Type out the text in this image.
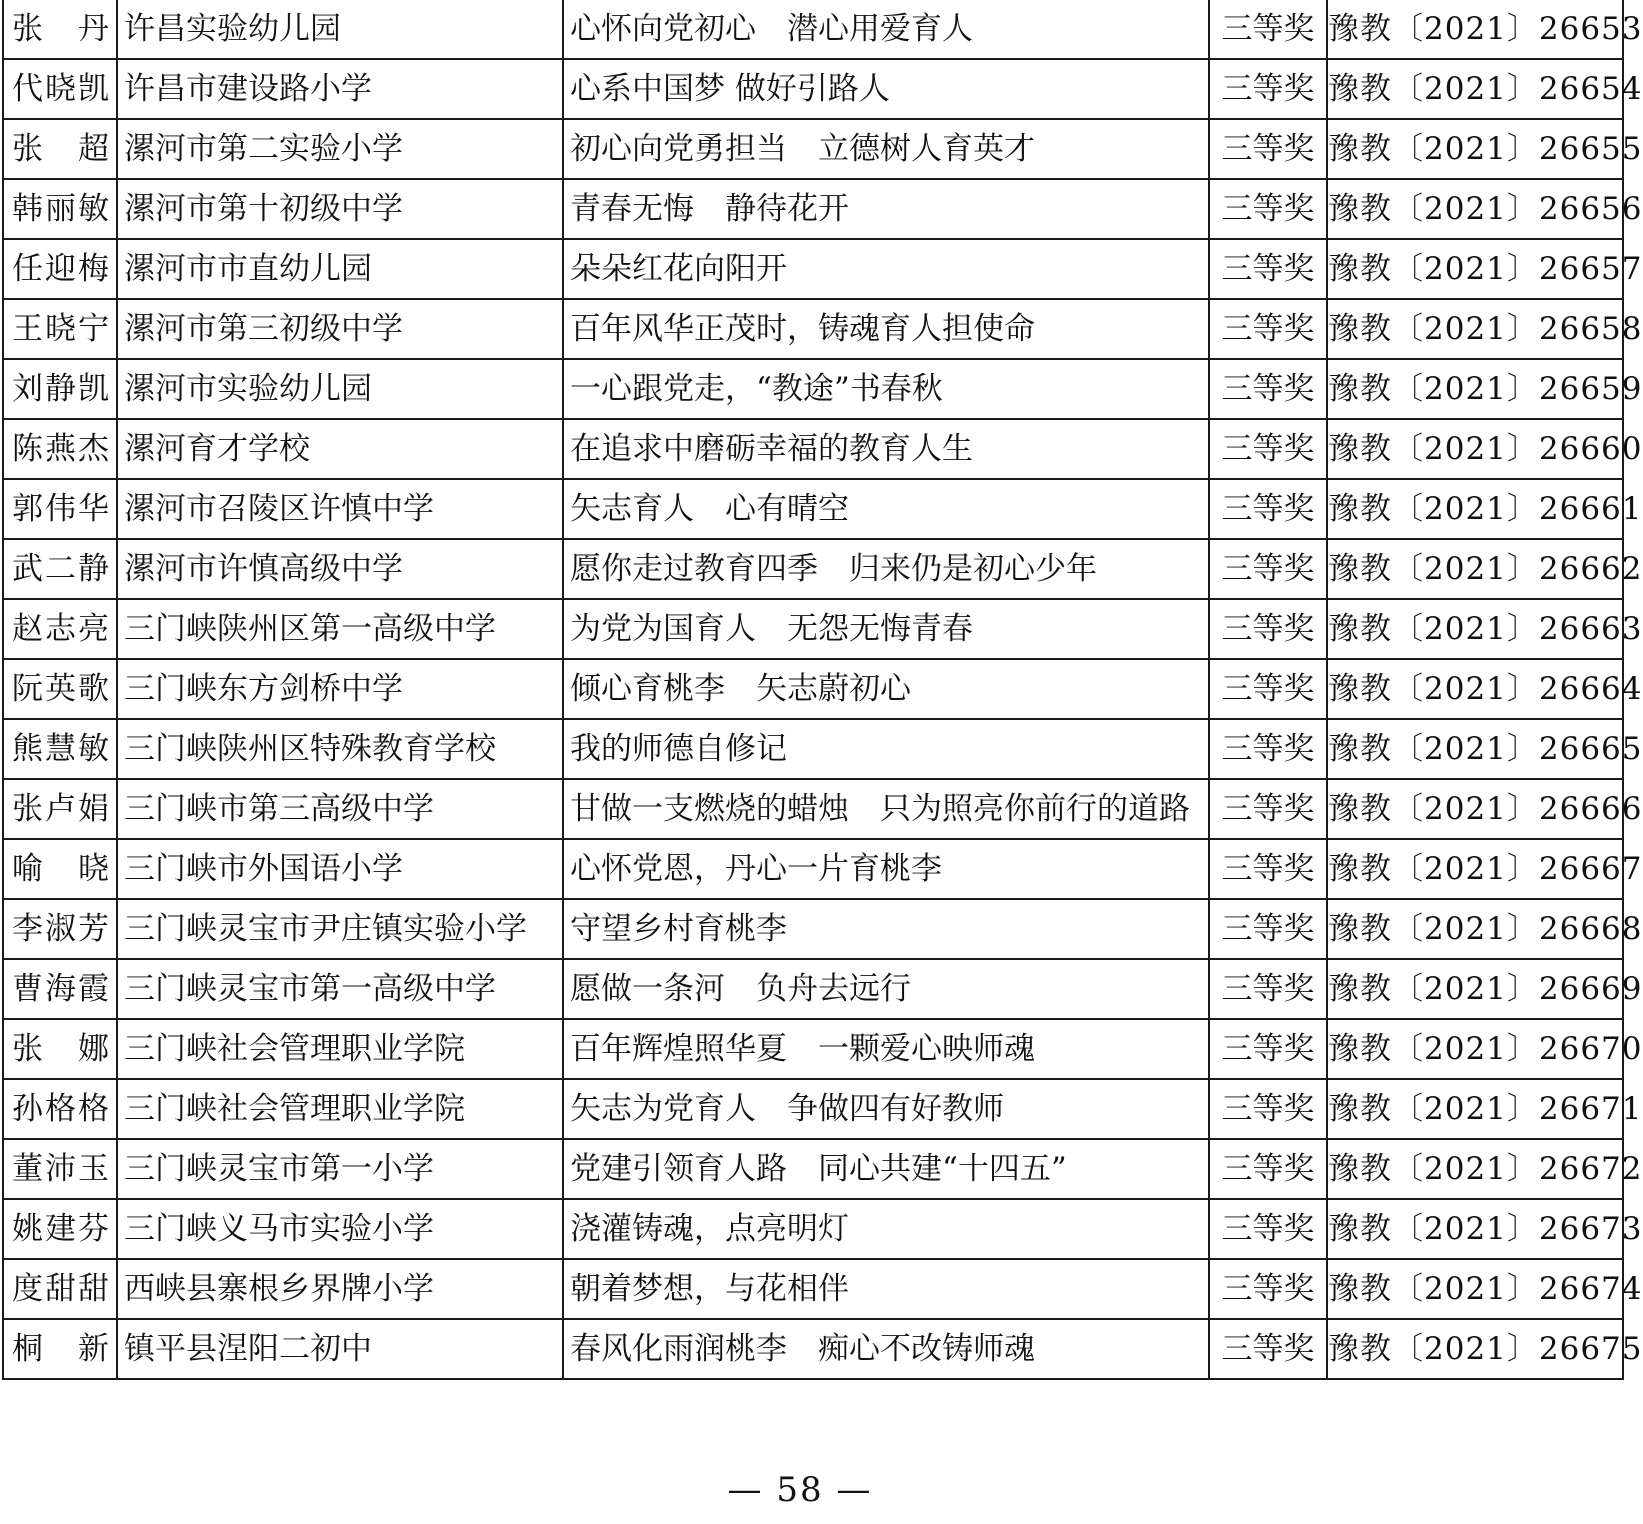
张　丹	许昌实验幼儿园	心怀向党初心　潜心用爱育人	三等奖	豫教〔2021〕26653
代晓凯	许昌市建设路小学	心系中国梦 做好引路人	三等奖	豫教〔2021〕26654
张　超	漯河市第二实验小学	初心向党勇担当　立德树人育英才	三等奖	豫教〔2021〕26655
韩丽敏	漯河市第十初级中学	青春无悔　静待花开	三等奖	豫教〔2021〕26656
任迎梅	漯河市市直幼儿园	朵朵红花向阳开	三等奖	豫教〔2021〕26657
王晓宁	漯河市第三初级中学	百年风华正茂时，铸魂育人担使命	三等奖	豫教〔2021〕26658
刘静凯	漯河市实验幼儿园	一心跟党走，“教途”书春秋	三等奖	豫教〔2021〕26659
陈燕杰	漯河育才学校	在追求中磨砺幸福的教育人生	三等奖	豫教〔2021〕26660
郭伟华	漯河市召陵区许慎中学	矢志育人　心有晴空	三等奖	豫教〔2021〕26661
武二静	漯河市许慎高级中学	愿你走过教育四季　归来仍是初心少年	三等奖	豫教〔2021〕26662
赵志亮	三门峡陕州区第一高级中学	为党为国育人　无怨无悔青春	三等奖	豫教〔2021〕26663
阮英歌	三门峡东方剑桥中学	倾心育桃李　矢志蔚初心	三等奖	豫教〔2021〕26664
熊慧敏	三门峡陕州区特殊教育学校	我的师德自修记	三等奖	豫教〔2021〕26665
张卢娟	三门峡市第三高级中学	甘做一支燃烧的蜡烛　只为照亮你前行的道路	三等奖	豫教〔2021〕26666
喻　晓	三门峡市外国语小学	心怀党恩，丹心一片育桃李	三等奖	豫教〔2021〕26667
李淑芳	三门峡灵宝市尹庄镇实验小学	守望乡村育桃李	三等奖	豫教〔2021〕26668
曹海霞	三门峡灵宝市第一高级中学	愿做一条河　负舟去远行	三等奖	豫教〔2021〕26669
张　娜	三门峡社会管理职业学院	百年辉煌照华夏　一颗爱心映师魂	三等奖	豫教〔2021〕26670
孙格格	三门峡社会管理职业学院	矢志为党育人　争做四有好教师	三等奖	豫教〔2021〕26671
董沛玉	三门峡灵宝市第一小学	党建引领育人路　同心共建“十四五”	三等奖	豫教〔2021〕26672
姚建芬	三门峡义马市实验小学	浇灌铸魂，点亮明灯	三等奖	豫教〔2021〕26673
度甜甜	西峡县寨根乡界牌小学	朝着梦想，与花相伴	三等奖	豫教〔2021〕26674
桐　新	镇平县涅阳二初中	春风化雨润桃李　痴心不改铸师魂	三等奖	豫教〔2021〕26675
— 58 —
